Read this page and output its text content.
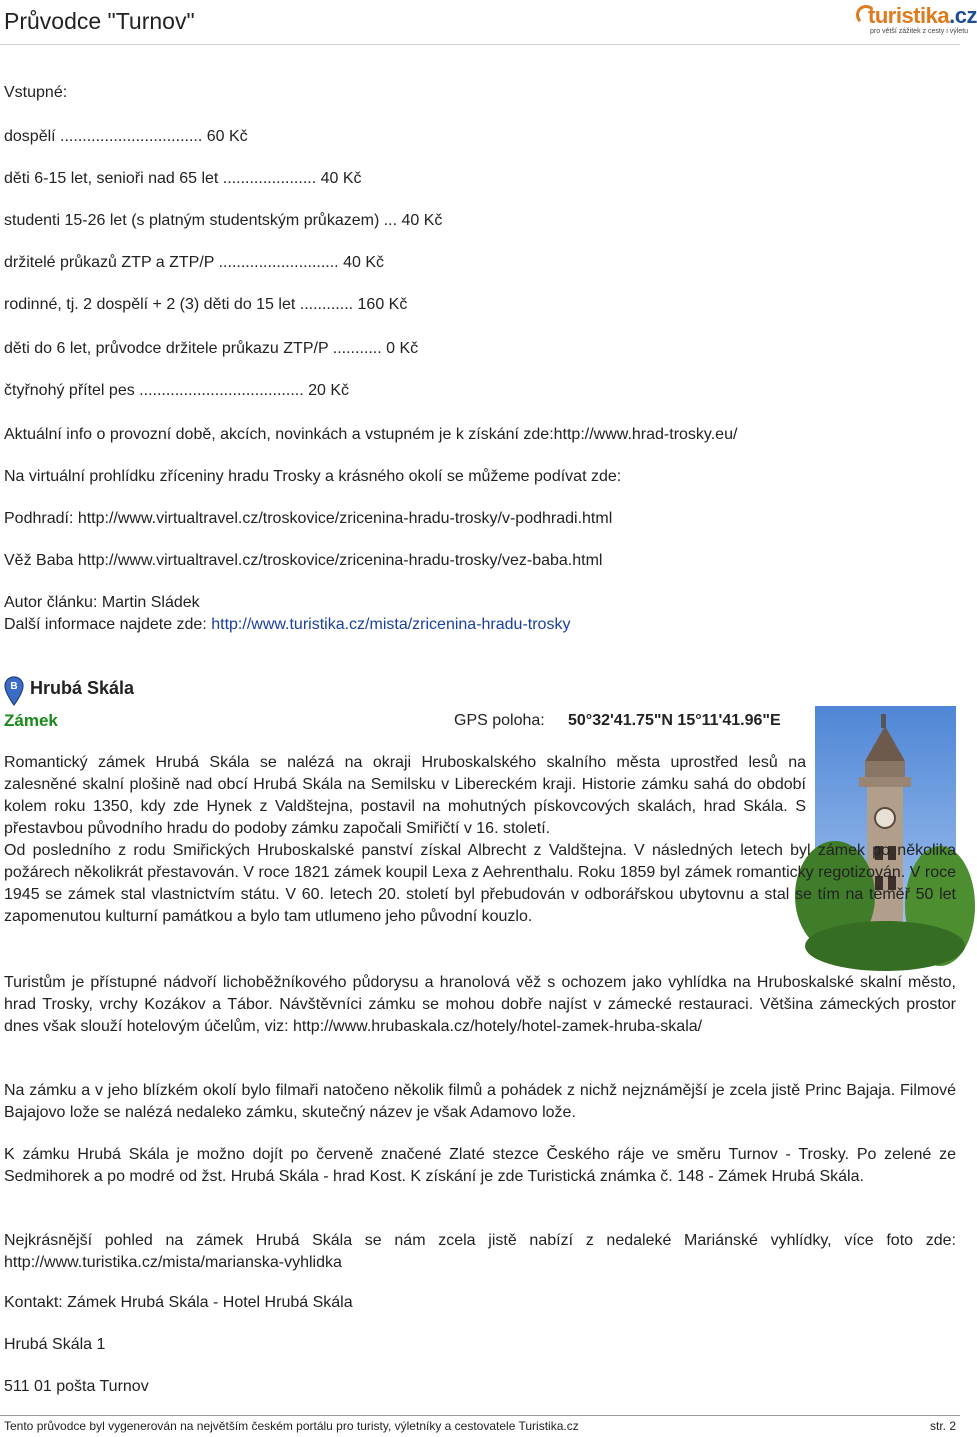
Průvodce "Turnov"	turistika.cz
pro větší zážitek z cesty i výletu
Vstupné:
dospělí ................................ 60 Kč
děti 6-15 let, senioři nad 65 let ..................... 40 Kč
studenti 15-26 let (s platným studentským průkazem) ... 40 Kč
držitelé průkazů ZTP a ZTP/P ........................... 40 Kč
rodinné, tj. 2 dospělí + 2 (3) děti do 15 let ............ 160 Kč
děti do 6 let, průvodce držitele průkazu ZTP/P ........... 0 Kč
čtyřnohý přítel pes ..................................... 20 Kč
Aktuální info o provozní době, akcích, novinkách a vstupném je k získání zde:http://www.hrad-trosky.eu/
Na virtuální prohlídku zříceniny hradu Trosky a krásného okolí se můžeme podívat zde:
Podhradí: http://www.virtualtravel.cz/troskovice/zricenina-hradu-trosky/v-podhradi.html
Věž Baba http://www.virtualtravel.cz/troskovice/zricenina-hradu-trosky/vez-baba.html
Autor článku: Martin Sládek
Další informace najdete zde: http://www.turistika.cz/mista/zricenina-hradu-trosky
B Hrubá Skála
Zámek	GPS poloha: 50°32'41.75"N 15°11'41.96"E
Romantický zámek Hrubá Skála se nalézá na okraji Hruboskalského skalního města uprostřed lesů na zalesněné skalní plošině nad obcí Hrubá Skála na Semilsku v Libereckém kraji. Historie zámku sahá do období kolem roku 1350, kdy zde Hynek z Valdštejna, postavil na mohutných pískovcových skalách, hrad Skála. S přestavbou původního hradu do podoby zámku započali Smiřičtí v 16. století.
Od posledního z rodu Smiřických Hruboskalské panství získal Albrecht z Valdštejna. V následných letech byl zámek po několika požárech několikrát přestavován. V roce 1821 zámek koupil Lexa z Aehrenthalu. Roku 1859 byl zámek romanticky regotizován. V roce 1945 se zámek stal vlastnictvím státu. V 60. letech 20. století byl přebudován v odborářskou ubytovnu a stal se tím na téměř 50 let zapomenutou kulturní památkou a bylo tam utlumeno jeho původní kouzlo.
Turistům je přístupné nádvoří lichoběžníkového půdorysu a hranolová věž s ochozem jako vyhlídka na Hruboskalské skalní město, hrad Trosky, vrchy Kozákov a Tábor. Návštěvníci zámku se mohou dobře najíst v zámecké restauraci. Většina zámeckých prostor dnes však slouží hotelovým účelům, viz: http://www.hrubaskala.cz/hotely/hotel-zamek-hruba-skala/
Na zámku a v jeho blízkém okolí bylo filmaři natočeno několik filmů a pohádek z nichž nejznámější je zcela jistě Princ Bajaja. Filmové Bajajovo lože se nalézá nedaleko zámku, skutečný název je však Adamovo lože.
K zámku Hrubá Skála je možno dojít po červeně značené Zlaté stezce Českého ráje ve směru Turnov - Trosky. Po zelené ze Sedmihorek a po modré od žst. Hrubá Skála - hrad Kost. K získání je zde Turistická známka č. 148 - Zámek Hrubá Skála.
Nejkrásnější pohled na zámek Hrubá Skála se nám zcela jistě nabízí z nedaleké Mariánské vyhlídky, více foto zde: http://www.turistika.cz/mista/marianska-vyhlidka
Kontakt: Zámek Hrubá Skála - Hotel Hrubá Skála
Hrubá Skála 1
511 01 pošta Turnov
Tento průvodce byl vygenerován na největším českém portálu pro turisty, výletníky a cestovatele Turistika.cz	str. 2
